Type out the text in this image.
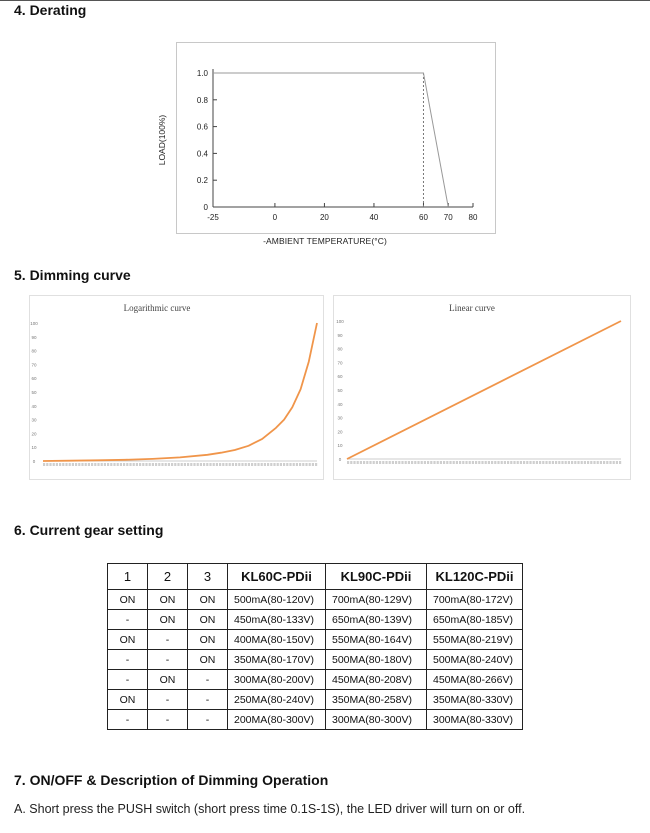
4. Derating
0
0.2
0.4
0.6
0.8
1.0
-25	0	20	40	60 70 80
LOAD(100%)
-AMBIENT TEMPERATURE(°C)
5. Dimming curve
Logarithmic curve
0
10
20
30
40
50
60
70
80
90
100
Linear curve
0
10
20
30
40
50
60
70
80
90
100
6. Current gear setting
1	2	3	KL60C-PDii	KL90C-PDii	KL120C-PDii
ON	ON	ON	500mA(80-120V)	700mA(80-129V)	700mA(80-172V)
-	ON	ON	450mA(80-133V)	650mA(80-139V)	650mA(80-185V)
ON	-	ON	400MA(80-150V)	550MA(80-164V)	550MA(80-219V)
-	-	ON	350MA(80-170V)	500MA(80-180V)	500MA(80-240V)
-	ON	-	300MA(80-200V)	450MA(80-208V)	450MA(80-266V)
ON	-	-	250MA(80-240V)	350MA(80-258V)	350MA(80-330V)
-	-	-	200MA(80-300V)	300MA(80-300V)	300MA(80-330V)
7. ON/OFF & Description of Dimming Operation
A. Short press the PUSH switch (short press time 0.1S-1S), the LED driver will turn on or off.
